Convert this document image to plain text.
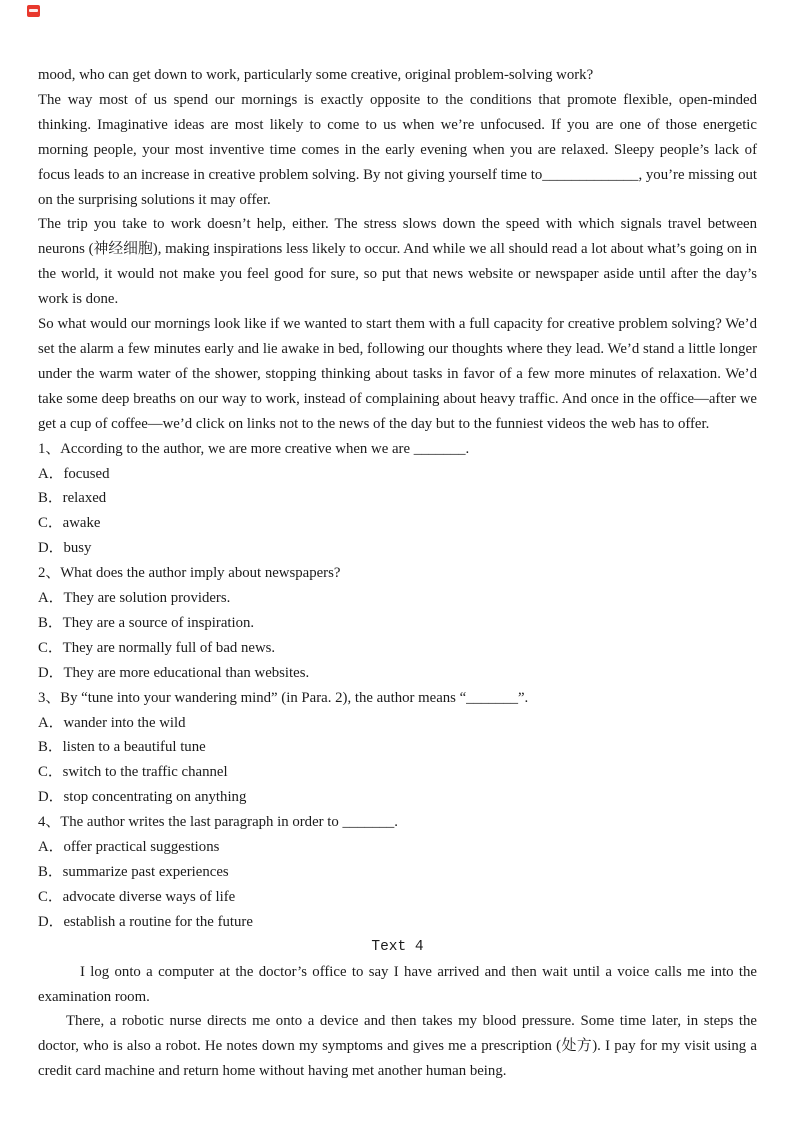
mood, who can get down to work, particularly some creative, original problem-solving work?

The way most of us spend our mornings is exactly opposite to the conditions that promote flexible, open-minded thinking. Imaginative ideas are most likely to come to us when we’re unfocused. If you are one of those energetic morning people, your most inventive time comes in the early evening when you are relaxed. Sleepy people’s lack of focus leads to an increase in creative problem solving. By not giving yourself time to_____________, you’re missing out on the surprising solutions it may offer.

The trip you take to work doesn’t help, either. The stress slows down the speed with which signals travel between neurons (神经细胞), making inspirations less likely to occur. And while we all should read a lot about what’s going on in the world, it would not make you feel good for sure, so put that news website or newspaper aside until after the day’s work is done.

So what would our mornings look like if we wanted to start them with a full capacity for creative problem solving? We’d set the alarm a few minutes early and lie awake in bed, following our thoughts where they lead. We’d stand a little longer under the warm water of the shower, stopping thinking about tasks in favor of a few more minutes of relaxation. We’d take some deep breaths on our way to work, instead of complaining about heavy traffic. And once in the office—after we get a cup of coffee—we’d click on links not to the news of the day but to the funniest videos the web has to offer.

1、According to the author, we are more creative when we are _______.

A．focused

B．relaxed

C．awake

D．busy

2、What does the author imply about newspapers?

A．They are solution providers.

B．They are a source of inspiration.

C．They are normally full of bad news.

D．They are more educational than websites.

3、By “tune into your wandering mind” (in Para. 2), the author means “_______”.

A．wander into the wild

B．listen to a beautiful tune

C．switch to the traffic channel

D．stop concentrating on anything

4、The author writes the last paragraph in order to _______.

A．offer practical suggestions

B．summarize past experiences

C．advocate diverse ways of life

D．establish a routine for the future

Text 4

I log onto a computer at the doctor’s office to say I have arrived and then wait until a voice calls me into the examination room.

There, a robotic nurse directs me onto a device and then takes my blood pressure. Some time later, in steps the doctor, who is also a robot. He notes down my symptoms and gives me a prescription (处方). I pay for my visit using a credit card machine and return home without having met another human being.
